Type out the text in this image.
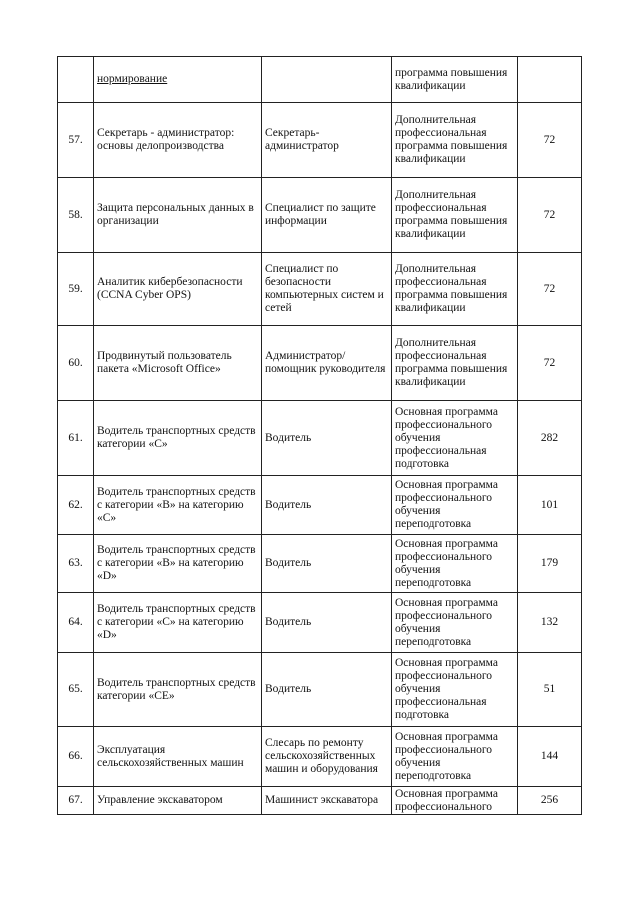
	нормирование		программа повышения квалификации	
57.	Секретарь - администратор: основы делопроизводства	Секретарь-администратор	Дополнительная профессиональная программа повышения квалификации	72
58.	Защита персональных данных в организации	Специалист по защите информации	Дополнительная профессиональная программа повышения квалификации	72
59.	Аналитик кибербезопасности (CCNA Cyber OPS)	Специалист по безопасности компьютерных систем и сетей	Дополнительная профессиональная программа повышения квалификации	72
60.	Продвинутый пользователь пакета «Microsoft Office»	Администратор/ помощник руководителя	Дополнительная профессиональная программа повышения квалификации	72
61.	Водитель транспортных средств категории «С»	Водитель	Основная программа профессионального обучения профессиональная подготовка	282
62.	Водитель транспортных средств с категории «В» на категорию «С»	Водитель	Основная программа профессионального обучения переподготовка	101
63.	Водитель транспортных средств с категории «В» на категорию «D»	Водитель	Основная программа профессионального обучения переподготовка	179
64.	Водитель транспортных средств с категории «С» на категорию «D»	Водитель	Основная программа профессионального обучения переподготовка	132
65.	Водитель транспортных средств категории «СЕ»	Водитель	Основная программа профессионального обучения профессиональная подготовка	51
66.	Эксплуатация сельскохозяйственных машин	Слесарь по ремонту сельскохозяйственных машин и оборудования	Основная программа профессионального обучения переподготовка	144
67.	Управление экскаватором	Машинист экскаватора	Основная программа профессионального	256
